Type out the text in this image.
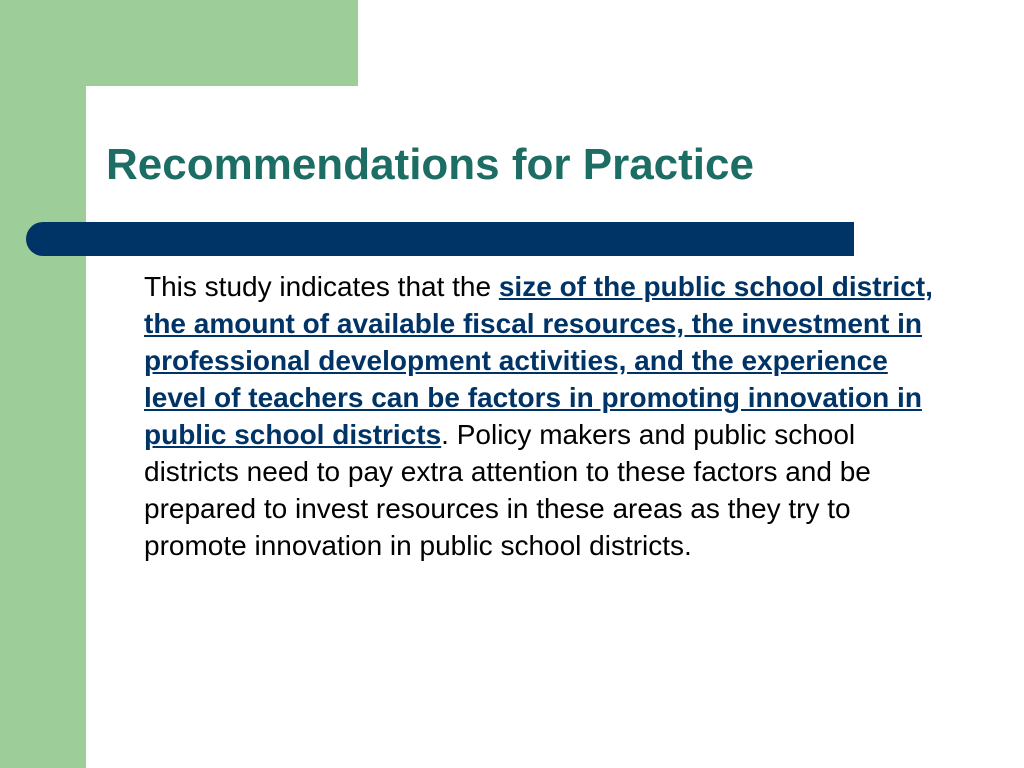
Recommendations for Practice

This study indicates that the size of the public school district, the amount of available fiscal resources, the investment in professional development activities, and the experience level of teachers can be factors in promoting innovation in public school districts. Policy makers and public school districts need to pay extra attention to these factors and be prepared to invest resources in these areas as they try to promote innovation in public school districts.
